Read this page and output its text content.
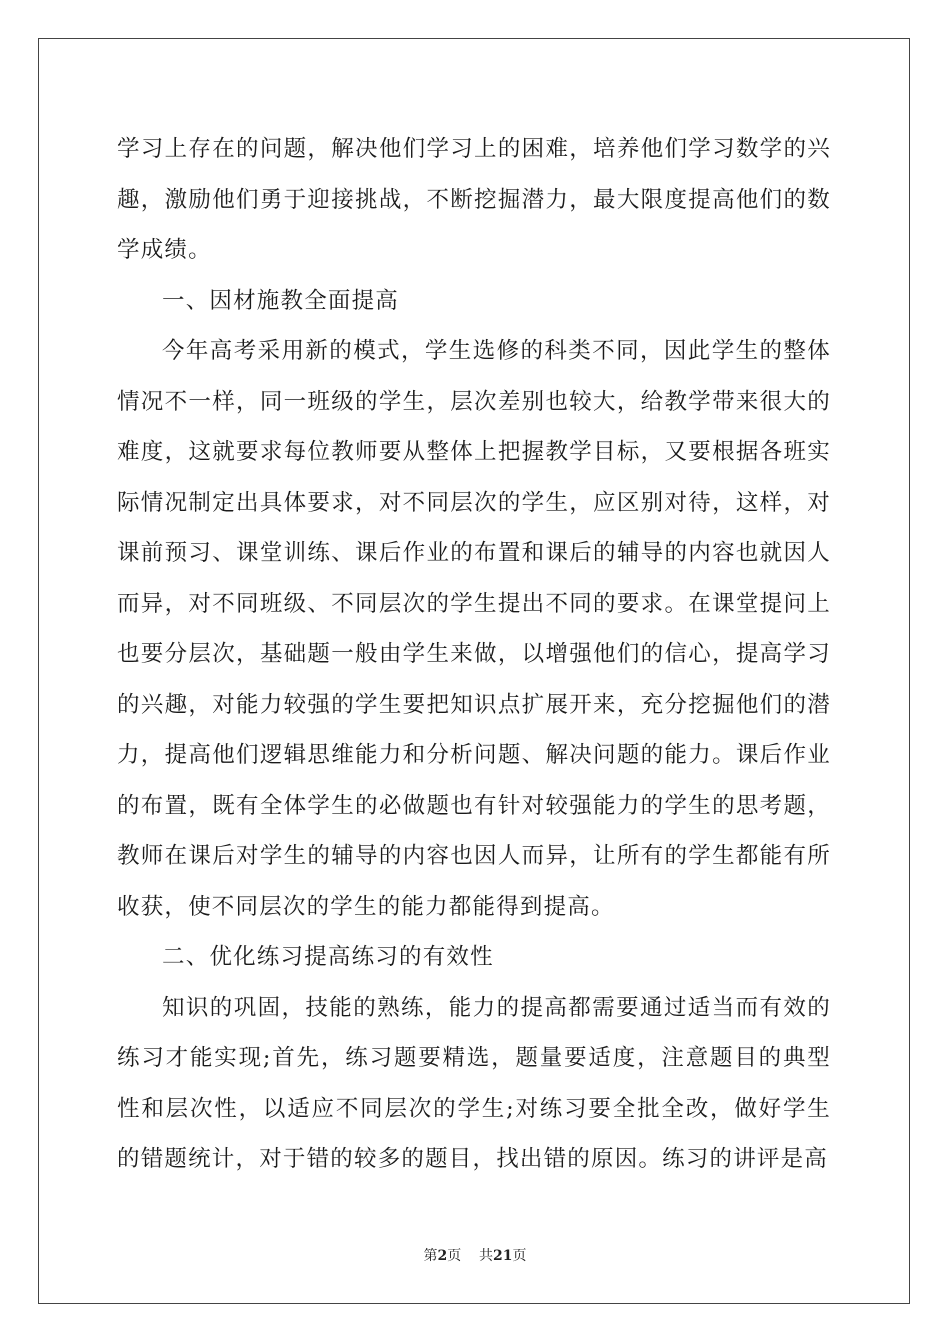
学习上存在的问题，解决他们学习上的困难，培养他们学习数学的兴趣，激励他们勇于迎接挑战，不断挖掘潜力，最大限度提高他们的数学成绩。

一、因材施教全面提高

今年高考采用新的模式，学生选修的科类不同，因此学生的整体情况不一样，同一班级的学生，层次差别也较大，给教学带来很大的难度，这就要求每位教师要从整体上把握教学目标，又要根据各班实际情况制定出具体要求，对不同层次的学生，应区别对待，这样，对课前预习、课堂训练、课后作业的布置和课后的辅导的内容也就因人而异，对不同班级、不同层次的学生提出不同的要求。在课堂提问上也要分层次，基础题一般由学生来做，以增强他们的信心，提高学习的兴趣，对能力较强的学生要把知识点扩展开来，充分挖掘他们的潜力，提高他们逻辑思维能力和分析问题、解决问题的能力。课后作业的布置，既有全体学生的必做题也有针对较强能力的学生的思考题，教师在课后对学生的辅导的内容也因人而异，让所有的学生都能有所收获，使不同层次的学生的能力都能得到提高。

二、优化练习提高练习的有效性

知识的巩固，技能的熟练，能力的提高都需要通过适当而有效的练习才能实现;首先，练习题要精选，题量要适度，注意题目的典型性和层次性，以适应不同层次的学生;对练习要全批全改，做好学生的错题统计，对于错的较多的题目，找出错的原因。练习的讲评是高

第2页 共21页
